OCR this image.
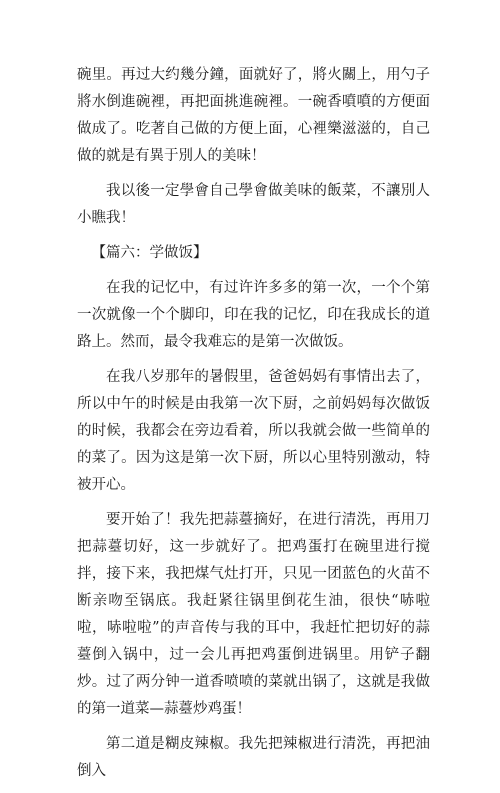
碗里。再过大约幾分鐘，面就好了，將火關上，用勺子將水倒進碗裡，再把面挑進碗裡。一碗香噴噴的方便面做成了。吃著自己做的方便上面，心裡樂滋滋的，自己做的就是有異于別人的美味！

我以後一定學會自己學會做美味的飯菜，不讓別人小瞧我！

【篇六：学做饭】

在我的记忆中，有过许许多多的第一次，一个个第一次就像一个个脚印，印在我的记忆，印在我成长的道路上。然而，最令我难忘的是第一次做饭。

在我八岁那年的暑假里，爸爸妈妈有事情出去了，所以中午的时候是由我第一次下厨，之前妈妈每次做饭的时候，我都会在旁边看着，所以我就会做一些简单的的菜了。因为这是第一次下厨，所以心里特别激动，特被开心。

要开始了！我先把蒜薹摘好，在进行清洗，再用刀把蒜薹切好，这一步就好了。把鸡蛋打在碗里进行搅拌，接下来，我把煤气灶打开，只见一团蓝色的火苗不断亲吻至锅底。我赶紧往锅里倒花生油，很快“哧啦啦，哧啦啦”的声音传与我的耳中，我赶忙把切好的蒜薹倒入锅中，过一会儿再把鸡蛋倒进锅里。用铲子翻炒。过了两分钟一道香喷喷的菜就出锅了，这就是我做的第一道菜—蒜薹炒鸡蛋！

第二道是糊皮辣椒。我先把辣椒进行清洗，再把油倒入
